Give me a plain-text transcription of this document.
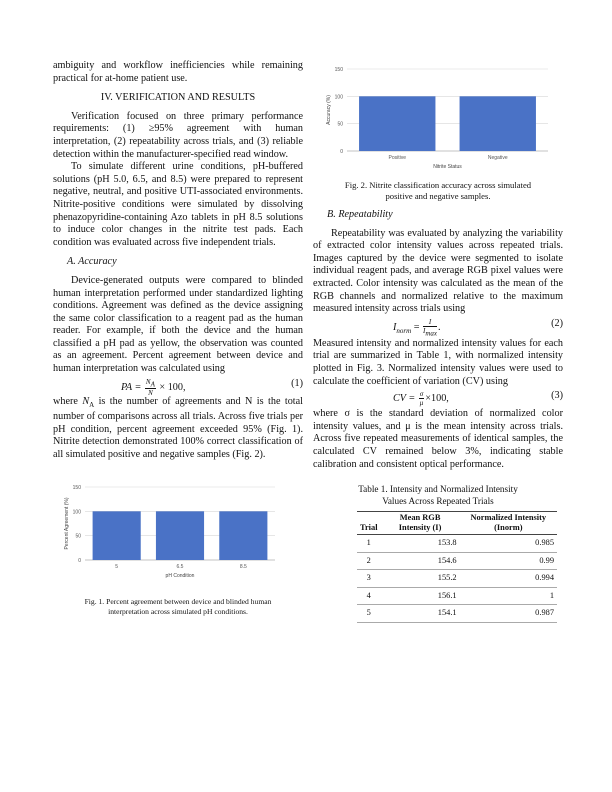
ambiguity and workflow inefficiencies while remaining practical for at-home patient use.

IV. VERIFICATION AND RESULTS

Verification focused on three primary performance requirements: (1) ≥95% agreement with human interpretation, (2) repeatability across trials, and (3) reliable detection within the manufacturer-specified read window.

To simulate different urine conditions, pH-buffered solutions (pH 5.0, 6.5, and 8.5) were prepared to represent negative, neutral, and positive UTI-associated environments. Nitrite-positive conditions were simulated by dissolving phenazopyridine-containing Azo tablets in pH 8.5 solutions to induce color changes in the nitrite test pads. Each condition was evaluated across five independent trials.

A. Accuracy

Device-generated outputs were compared to blinded human interpretation performed under standardized lighting conditions. Agreement was defined as the device assigning the same color classification to a reagent pad as the human reader. For example, if both the device and the human classified a pH pad as yellow, the observation was counted as an agreement. Percent agreement between device and human interpretation was calculated using

PA = $\frac{N_A}{N} \times 100$,	(1)

where $N_A$ is the number of agreements and N is the total number of comparisons across all trials. Across five trials per pH condition, percent agreement exceeded 95% (Fig. 1). Nitrite detection demonstrated 100% correct classification of all simulated positive and negative samples (Fig. 2).

0
50
100
150
5	6.5	8.5
pH Condition
Percent Agreement (%)
Fig. 1. Percent agreement between device and blinded human interpretation across simulated pH conditions.
0
50
100
150
Positive	Negative
Nitrite Status
Accuracy (%)
Fig. 2. Nitrite classification accuracy across simulated positive and negative samples.
B. Repeatability

Repeatability was evaluated by analyzing the variability of extracted color intensity values across repeated trials. Images captured by the device were segmented to isolate individual reagent pads, and average RGB pixel values were extracted. Color intensity was calculated as the mean of the RGB channels and normalized relative to the maximum measured intensity across trials using

$I_{norm} = \frac{I}{I_{max}}$ .	(2)

Measured intensity and normalized intensity values for each trial are summarized in Table 1, with normalized intensity plotted in Fig. 3. Normalized intensity values were used to calculate the coefficient of variation (CV) using

CV = $\frac{\sigma}{\mu} \times 100$,	(3)

where σ is the standard deviation of normalized color intensity values, and μ is the mean intensity across trials. Across five repeated measurements of identical samples, the calculated CV remained below 3%, indicating stable calibration and consistent optical performance.

Table 1. Intensity and Normalized Intensity Values Across Repeated Trials
Trial	Mean RGB Intensity (I)	Normalized Intensity (Inorm)
1	153.8	0.985
2	154.6	0.99
3	155.2	0.994
4	156.1	1
5	154.1	0.987
